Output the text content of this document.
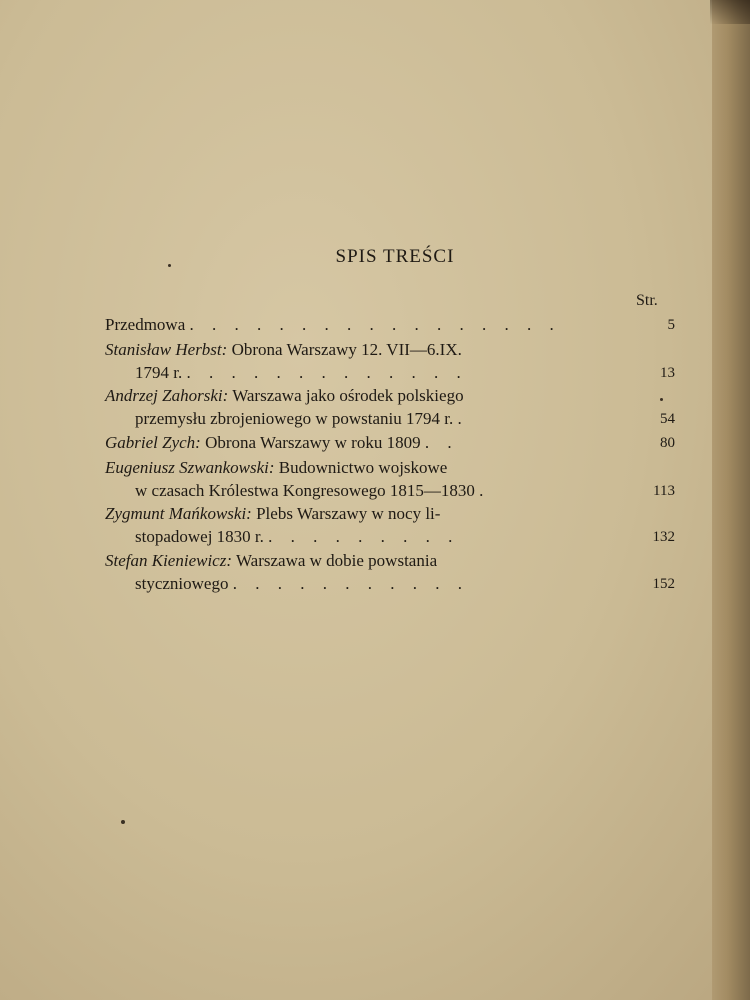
SPIS TREŚCI
Str.
Przedmowa . . . . . . . . . . . . . . . . .	5
Stanisław Herbst: Obrona Warszawy 12. VII—6.IX.
1794 r. . . . . . . . . . . . . .	13
Andrzej Zahorski: Warszawa jako ośrodek polskiego
przemysłu zbrojeniowego w powstaniu 1794 r. .	54
Gabriel Zych: Obrona Warszawy w roku 1809 . .	80
Eugeniusz Szwankowski: Budownictwo wojskowe
w czasach Królestwa Kongresowego 1815—1830 .	113
Zygmunt Mańkowski: Plebs Warszawy w nocy li-
stopadowej 1830 r. . . . . . . . . .	132
Stefan Kieniewicz: Warszawa w dobie powstania
styczniowego . . . . . . . . . . .	152
